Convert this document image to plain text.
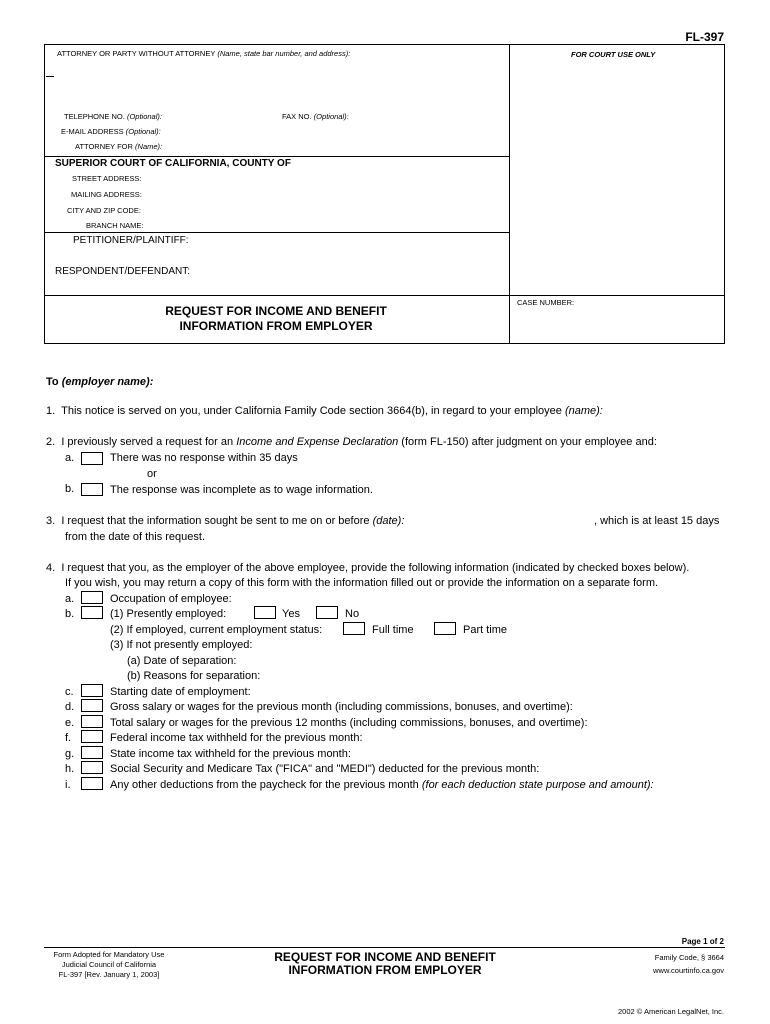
FL-397
ATTORNEY OR PARTY WITHOUT ATTORNEY (Name, state bar number, and address):	FOR COURT USE ONLY
TELEPHONE NO. (Optional):	FAX NO. (Optional):
E-MAIL ADDRESS (Optional):
ATTORNEY FOR (Name):
SUPERIOR COURT OF CALIFORNIA, COUNTY OF
STREET ADDRESS:
MAILING ADDRESS:
CITY AND ZIP CODE:
BRANCH NAME:
PETITIONER/PLAINTIFF:
RESPONDENT/DEFENDANT:
CASE NUMBER:
REQUEST FOR INCOME AND BENEFIT
INFORMATION FROM EMPLOYER
To (employer name):
1. This notice is served on you, under California Family Code section 3664(b), in regard to your employee (name):
2. I previously served a request for an Income and Expense Declaration (form FL-150) after judgment on your employee and:
a.	There was no response within 35 days
or
b.	The response was incomplete as to wage information.
3. I request that the information sought be sent to me on or before (date):	, which is at least 15 days
from the date of this request.
4. I request that you, as the employer of the above employee, provide the following information (indicated by checked boxes below).
If you wish, you may return a copy of this form with the information filled out or provide the information on a separate form.
a.	Occupation of employee:
b.	(1) Presently employed:	Yes	No
(2) If employed, current employment status:	Full time	Part time
(3) If not presently employed:
(a) Date of separation:
(b) Reasons for separation:
c.	Starting date of employment:
d.	Gross salary or wages for the previous month (including commissions, bonuses, and overtime):
e.	Total salary or wages for the previous 12 months (including commissions, bonuses, and overtime):
f.	Federal income tax withheld for the previous month:
g.	State income tax withheld for the previous month:
h.	Social Security and Medicare Tax ("FICA" and "MEDI") deducted for the previous month:
i.	Any other deductions from the paycheck for the previous month (for each deduction state purpose and amount):
Page 1 of 2
Form Adopted for Mandatory Use
Judicial Council of California
FL-397 [Rev. January 1, 2003]
REQUEST FOR INCOME AND BENEFIT
INFORMATION FROM EMPLOYER
Family Code, § 3664
www.courtinfo.ca.gov
2002 © American LegalNet, Inc.
